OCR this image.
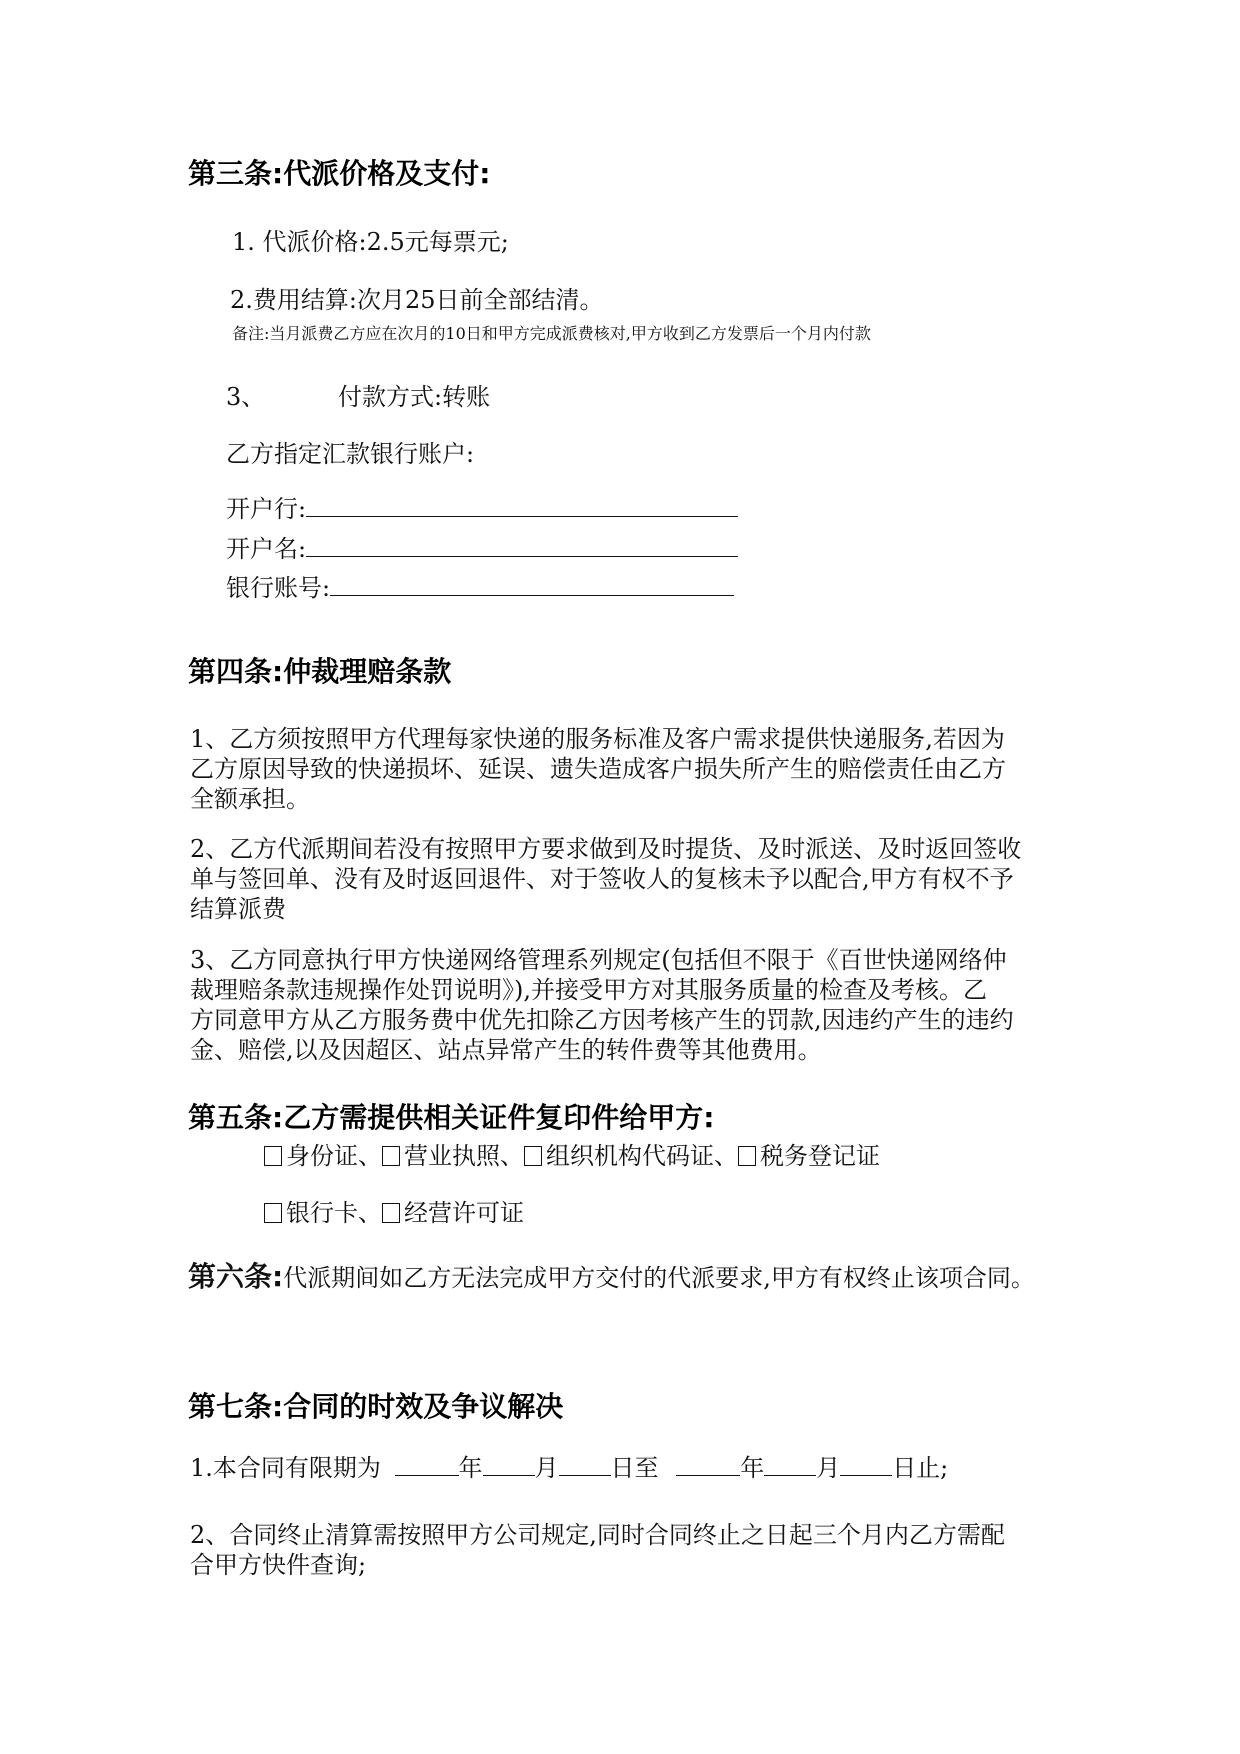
第三条:代派价格及支付:
1. 代派价格:2.5元每票元;
2.费用结算:次月25日前全部结清。
备注:当月派费乙方应在次月的10日和甲方完成派费核对,甲方收到乙方发票后一个月内付款
3、	付款方式:转账
乙方指定汇款银行账户:
开户行:
开户名:
银行账号:
第四条:仲裁理赔条款
1、乙方须按照甲方代理每家快递的服务标准及客户需求提供快递服务,若因为
乙方原因导致的快递损坏、延误、遗失造成客户损失所产生的赔偿责任由乙方
全额承担。
2、乙方代派期间若没有按照甲方要求做到及时提货、及时派送、及时返回签收
单与签回单、没有及时返回退件、对于签收人的复核未予以配合,甲方有权不予
结算派费
3、乙方同意执行甲方快递网络管理系列规定(包括但不限于《百世快递网络仲
裁理赔条款违规操作处罚说明》),并接受甲方对其服务质量的检查及考核。乙
方同意甲方从乙方服务费中优先扣除乙方因考核产生的罚款,因违约产生的违约
金、赔偿,以及因超区、站点异常产生的转件费等其他费用。
第五条:乙方需提供相关证件复印件给甲方:
身份证、 营业执照、 组织机构代码证、 税务登记证
银行卡、 经营许可证
第六条:代派期间如乙方无法完成甲方交付的代派要求,甲方有权终止该项合同。
第七条:合同的时效及争议解决
1.本合同有限期为	年 月 日至	年 月 日止;
2、合同终止清算需按照甲方公司规定,同时合同终止之日起三个月内乙方需配
合甲方快件查询;
